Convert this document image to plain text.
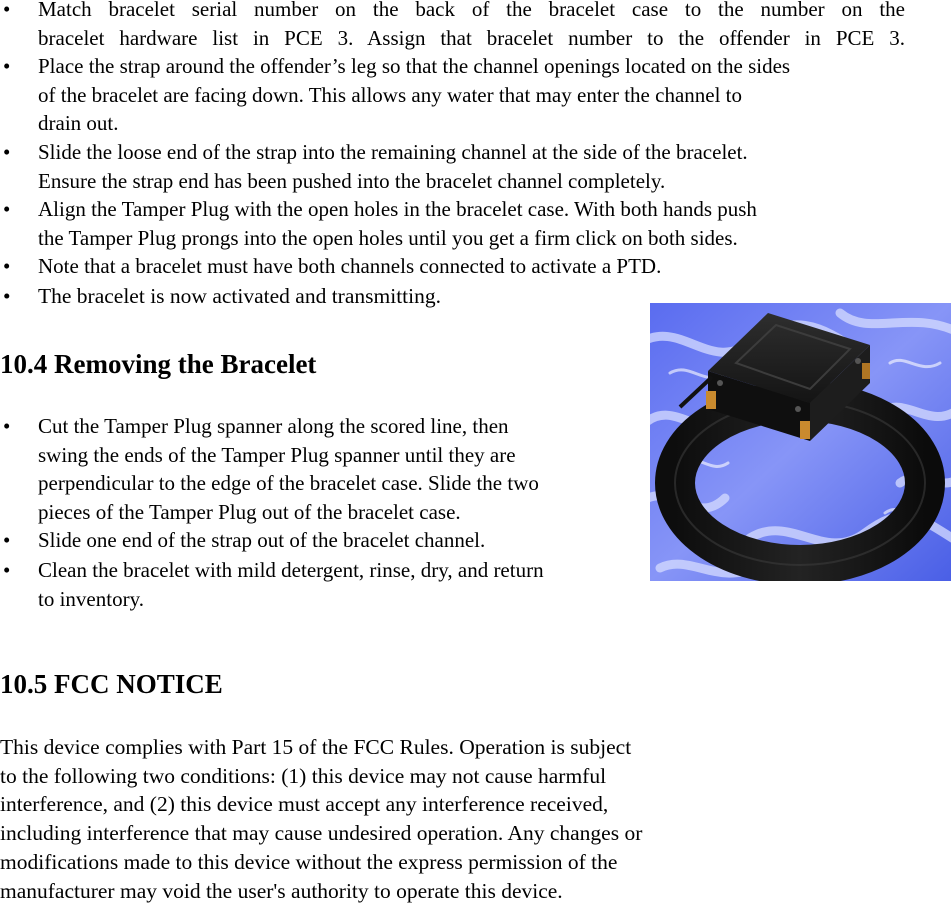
• Match bracelet serial number on the back of the bracelet case to the number on the
bracelet hardware list in PCE 3. Assign that bracelet number to the offender in PCE 3.
• Place the strap around the offender’s leg so that the channel openings located on the sides
of the bracelet are facing down. This allows any water that may enter the channel to
drain out.
• Slide the loose end of the strap into the remaining channel at the side of the bracelet.
Ensure the strap end has been pushed into the bracelet channel completely.
• Align the Tamper Plug with the open holes in the bracelet case. With both hands push
the Tamper Plug prongs into the open holes until you get a firm click on both sides.
• Note that a bracelet must have both channels connected to activate a PTD.
• The bracelet is now activated and transmitting.
10.4 Removing the Bracelet
• Cut the Tamper Plug spanner along the scored line, then
swing the ends of the Tamper Plug spanner until they are
perpendicular to the edge of the bracelet case. Slide the two
pieces of the Tamper Plug out of the bracelet case.
• Slide one end of the strap out of the bracelet channel.
• Clean the bracelet with mild detergent, rinse, dry, and return
to inventory.
10.5 FCC NOTICE

This device complies with Part 15 of the FCC Rules. Operation is subject
to the following two conditions: (1) this device may not cause harmful
interference, and (2) this device must accept any interference received,
including interference that may cause undesired operation. Any changes or
modifications made to this device without the express permission of the
manufacturer may void the user's authority to operate this device.
